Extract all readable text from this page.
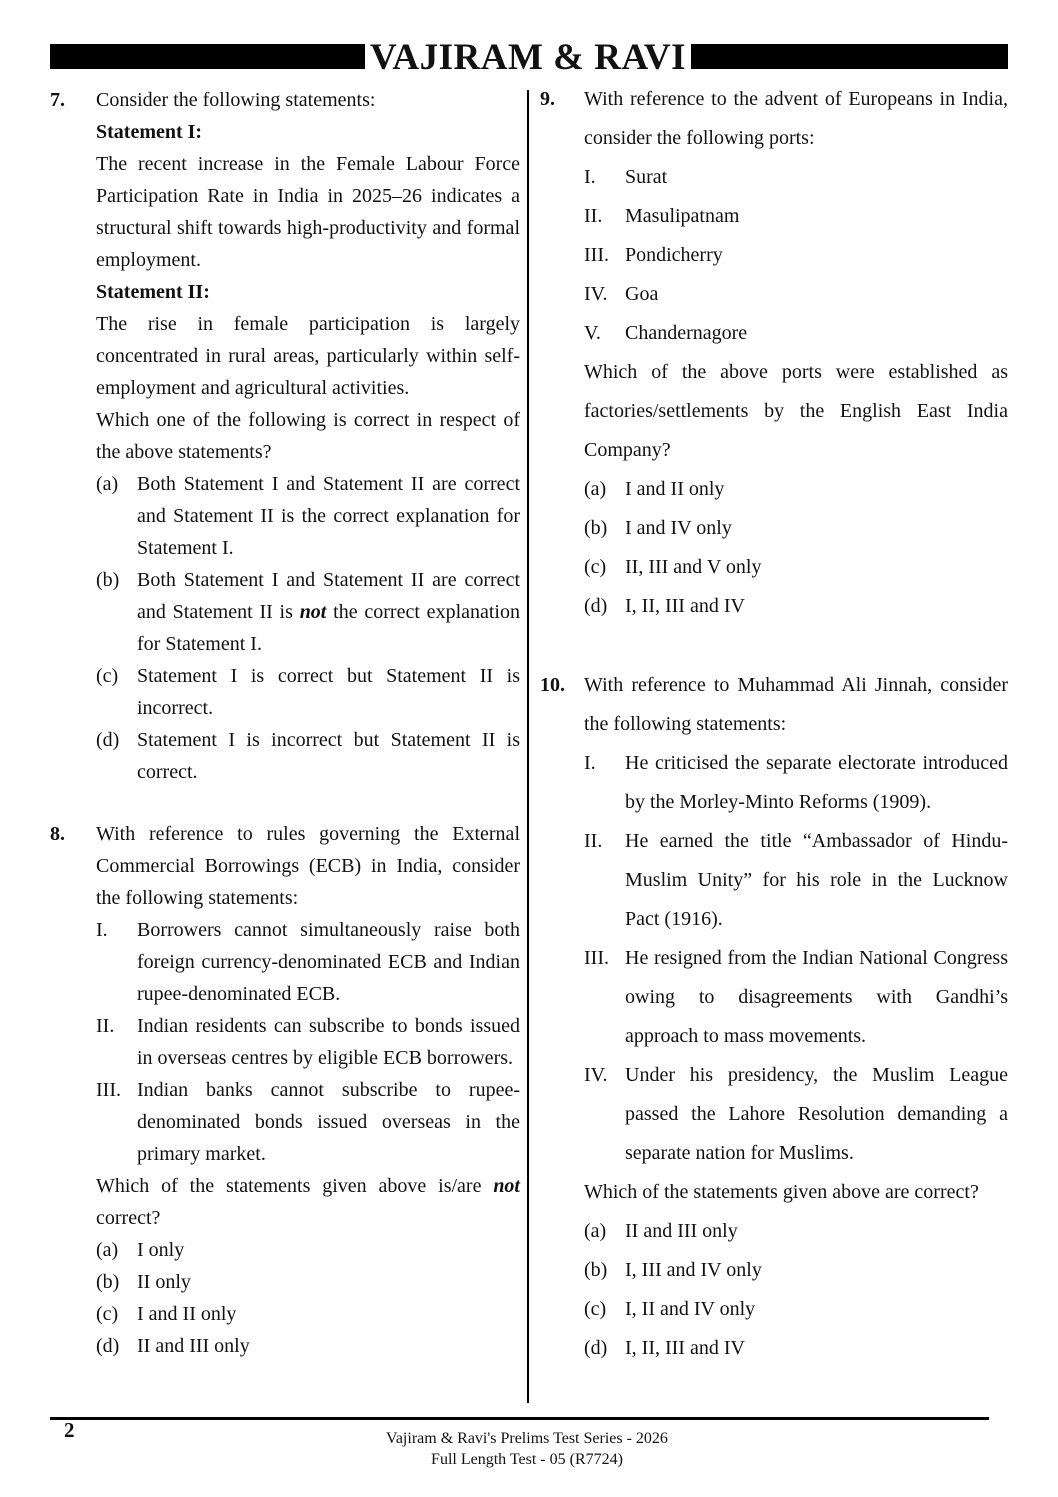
VAJIRAM & RAVI
7. Consider the following statements:
Statement I:
The recent increase in the Female Labour Force Participation Rate in India in 2025–26 indicates a structural shift towards high-productivity and formal employment.
Statement II:
The rise in female participation is largely concentrated in rural areas, particularly within self-employment and agricultural activities.
Which one of the following is correct in respect of the above statements?
(a) Both Statement I and Statement II are correct and Statement II is the correct explanation for Statement I.
(b) Both Statement I and Statement II are correct and Statement II is not the correct explanation for Statement I.
(c) Statement I is correct but Statement II is incorrect.
(d) Statement I is incorrect but Statement II is correct.
8. With reference to rules governing the External Commercial Borrowings (ECB) in India, consider the following statements:
I.	Borrowers cannot simultaneously raise both foreign currency-denominated ECB and Indian rupee-denominated ECB.
II.	Indian residents can subscribe to bonds issued in overseas centres by eligible ECB borrowers.
III. Indian banks cannot subscribe to rupee-denominated bonds issued overseas in the primary market.
Which of the statements given above is/are not correct?
(a) I only
(b) II only
(c) I and II only
(d) II and III only
9. With reference to the advent of Europeans in India, consider the following ports:
I.	Surat
II.	Masulipatnam
III. Pondicherry
IV. Goa
V.	Chandernagore
Which of the above ports were established as factories/settlements by the English East India Company?
(a) I and II only
(b) I and IV only
(c) II, III and V only
(d) I, II, III and IV
10. With reference to Muhammad Ali Jinnah, consider the following statements:
I.	He criticised the separate electorate introduced by the Morley-Minto Reforms (1909).
II.	He earned the title “Ambassador of Hindu-Muslim Unity” for his role in the Lucknow Pact (1916).
III. He resigned from the Indian National Congress owing to disagreements with Gandhi’s approach to mass movements.
IV. Under his presidency, the Muslim League passed the Lahore Resolution demanding a separate nation for Muslims.
Which of the statements given above are correct?
(a) II and III only
(b) I, III and IV only
(c) I, II and IV only
(d) I, II, III and IV
2	Vajiram & Ravi's Prelims Test Series - 2026
Full Length Test - 05 (R7724)
